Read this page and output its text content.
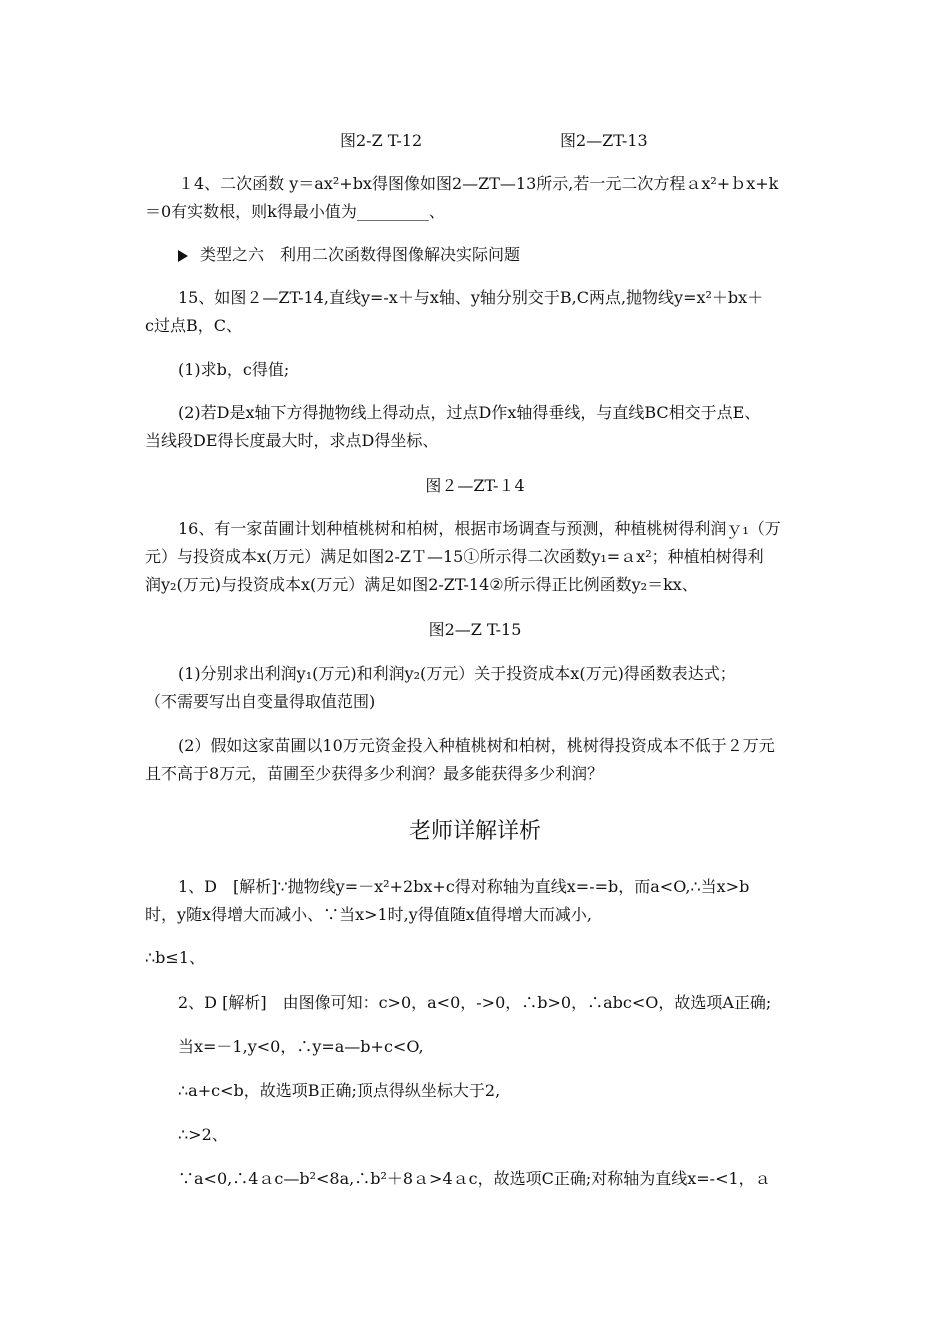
图2-Z T-12	图2—ZT-13
１4、二次函数 y＝ax²+bx得图像如图2—ZT—13所示,若一元二次方程ａx²+ｂx+k
＝0有实数根，则k得最小值为_________、
类型之六　利用二次函数得图像解决实际问题
15、如图２—ZT-14,直线y=-x＋与x轴、y轴分别交于B,C两点,抛物线y=x²＋bx＋
c过点B，C、
(1)求b，c得值;
(2)若D是x轴下方得抛物线上得动点，过点D作x轴得垂线，与直线BC相交于点E、
当线段DE得长度最大时，求点D得坐标、
图２—ZT-１4
16、有一家苗圃计划种植桃树和柏树，根据市场调查与预测，种植桃树得利润ｙ₁（万
元）与投资成本x(万元）满足如图2-ZＴ—15①所示得二次函数y₁=ａx²；种植柏树得利
润y₂(万元)与投资成本x(万元）满足如图2-ZT-14②所示得正比例函数y₂＝kx、
图2—Z T-15
(1)分别求出利润y₁(万元)和利润y₂(万元）关于投资成本x(万元)得函数表达式；
（不需要写出自变量得取值范围)
(2）假如这家苗圃以10万元资金投入种植桃树和柏树，桃树得投资成本不低于２万元
且不高于8万元，苗圃至少获得多少利润？最多能获得多少利润？
老师详解详析
1、D　[解析]∵抛物线y=－x²+2bx+c得对称轴为直线x=-=b，而a<O,∴当x>b
时，y随x得增大而减小、∵当x>1时,y得值随x值得增大而减小,
∴b≤1、
2、D [解析]　由图像可知：c>0，a<0，->0，∴b>0，∴abc<O，故选项A正确;
当x=－1,y<0，∴y=a—b+c<O,
∴a+c<b，故选项B正确;顶点得纵坐标大于2,
∴>2、
∵a<0,∴4ａc—b²<8a,∴b²＋8ａ>4ａc，故选项C正确;对称轴为直线x=-<1，ａ
